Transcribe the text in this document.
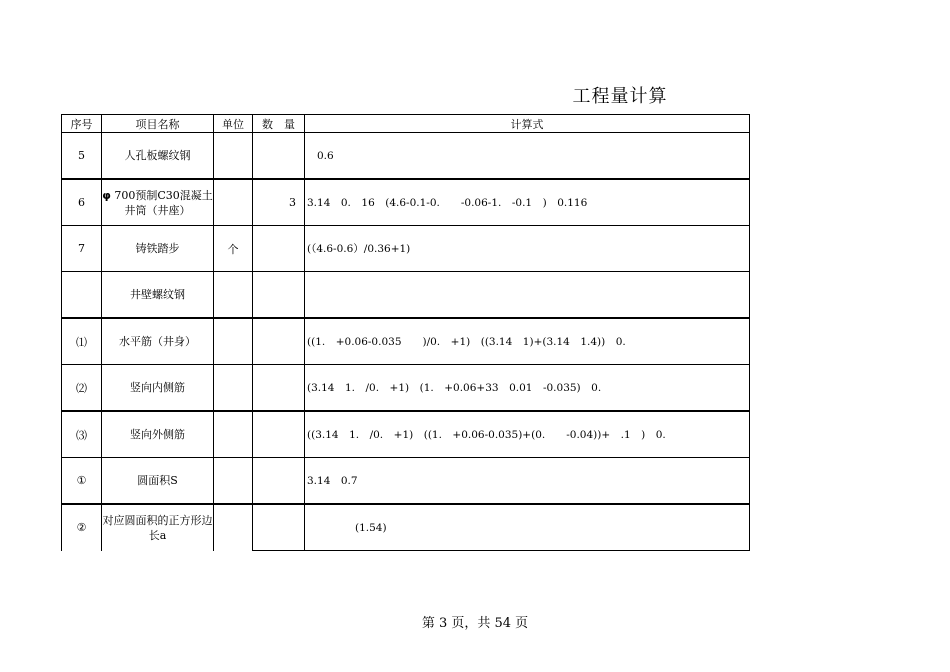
工程量计算
序号	项目名称	单位	数　量	计算式
5	人孔板螺纹钢			0.6
6	φ 700预制C30混凝土井筒（井座）		3	3.14　0.　16　(4.6-0.1-0.　　-0.06-1.　-0.1　)　0.116
7	铸铁踏步	个		(（4.6-0.6）/0.36+1)
	井壁螺纹钢			
⑴	水平筋（井身）			((1.　+0.06-0.035　　)/0.　+1)　((3.14　1)+(3.14　1.4))　0.
⑵	竖向内侧筋			(3.14　1.　/0.　+1)　(1.　+0.06+33　0.01　-0.035)　0.
⑶	竖向外侧筋			((3.14　1.　/0.　+1)　((1.　+0.06-0.035)+(0.　　-0.04))+　.1　)　0.
①	圆面积S			3.14　0.7
②	对应圆面积的正方形边长a			(1.54)
第 3 页，共 54 页
